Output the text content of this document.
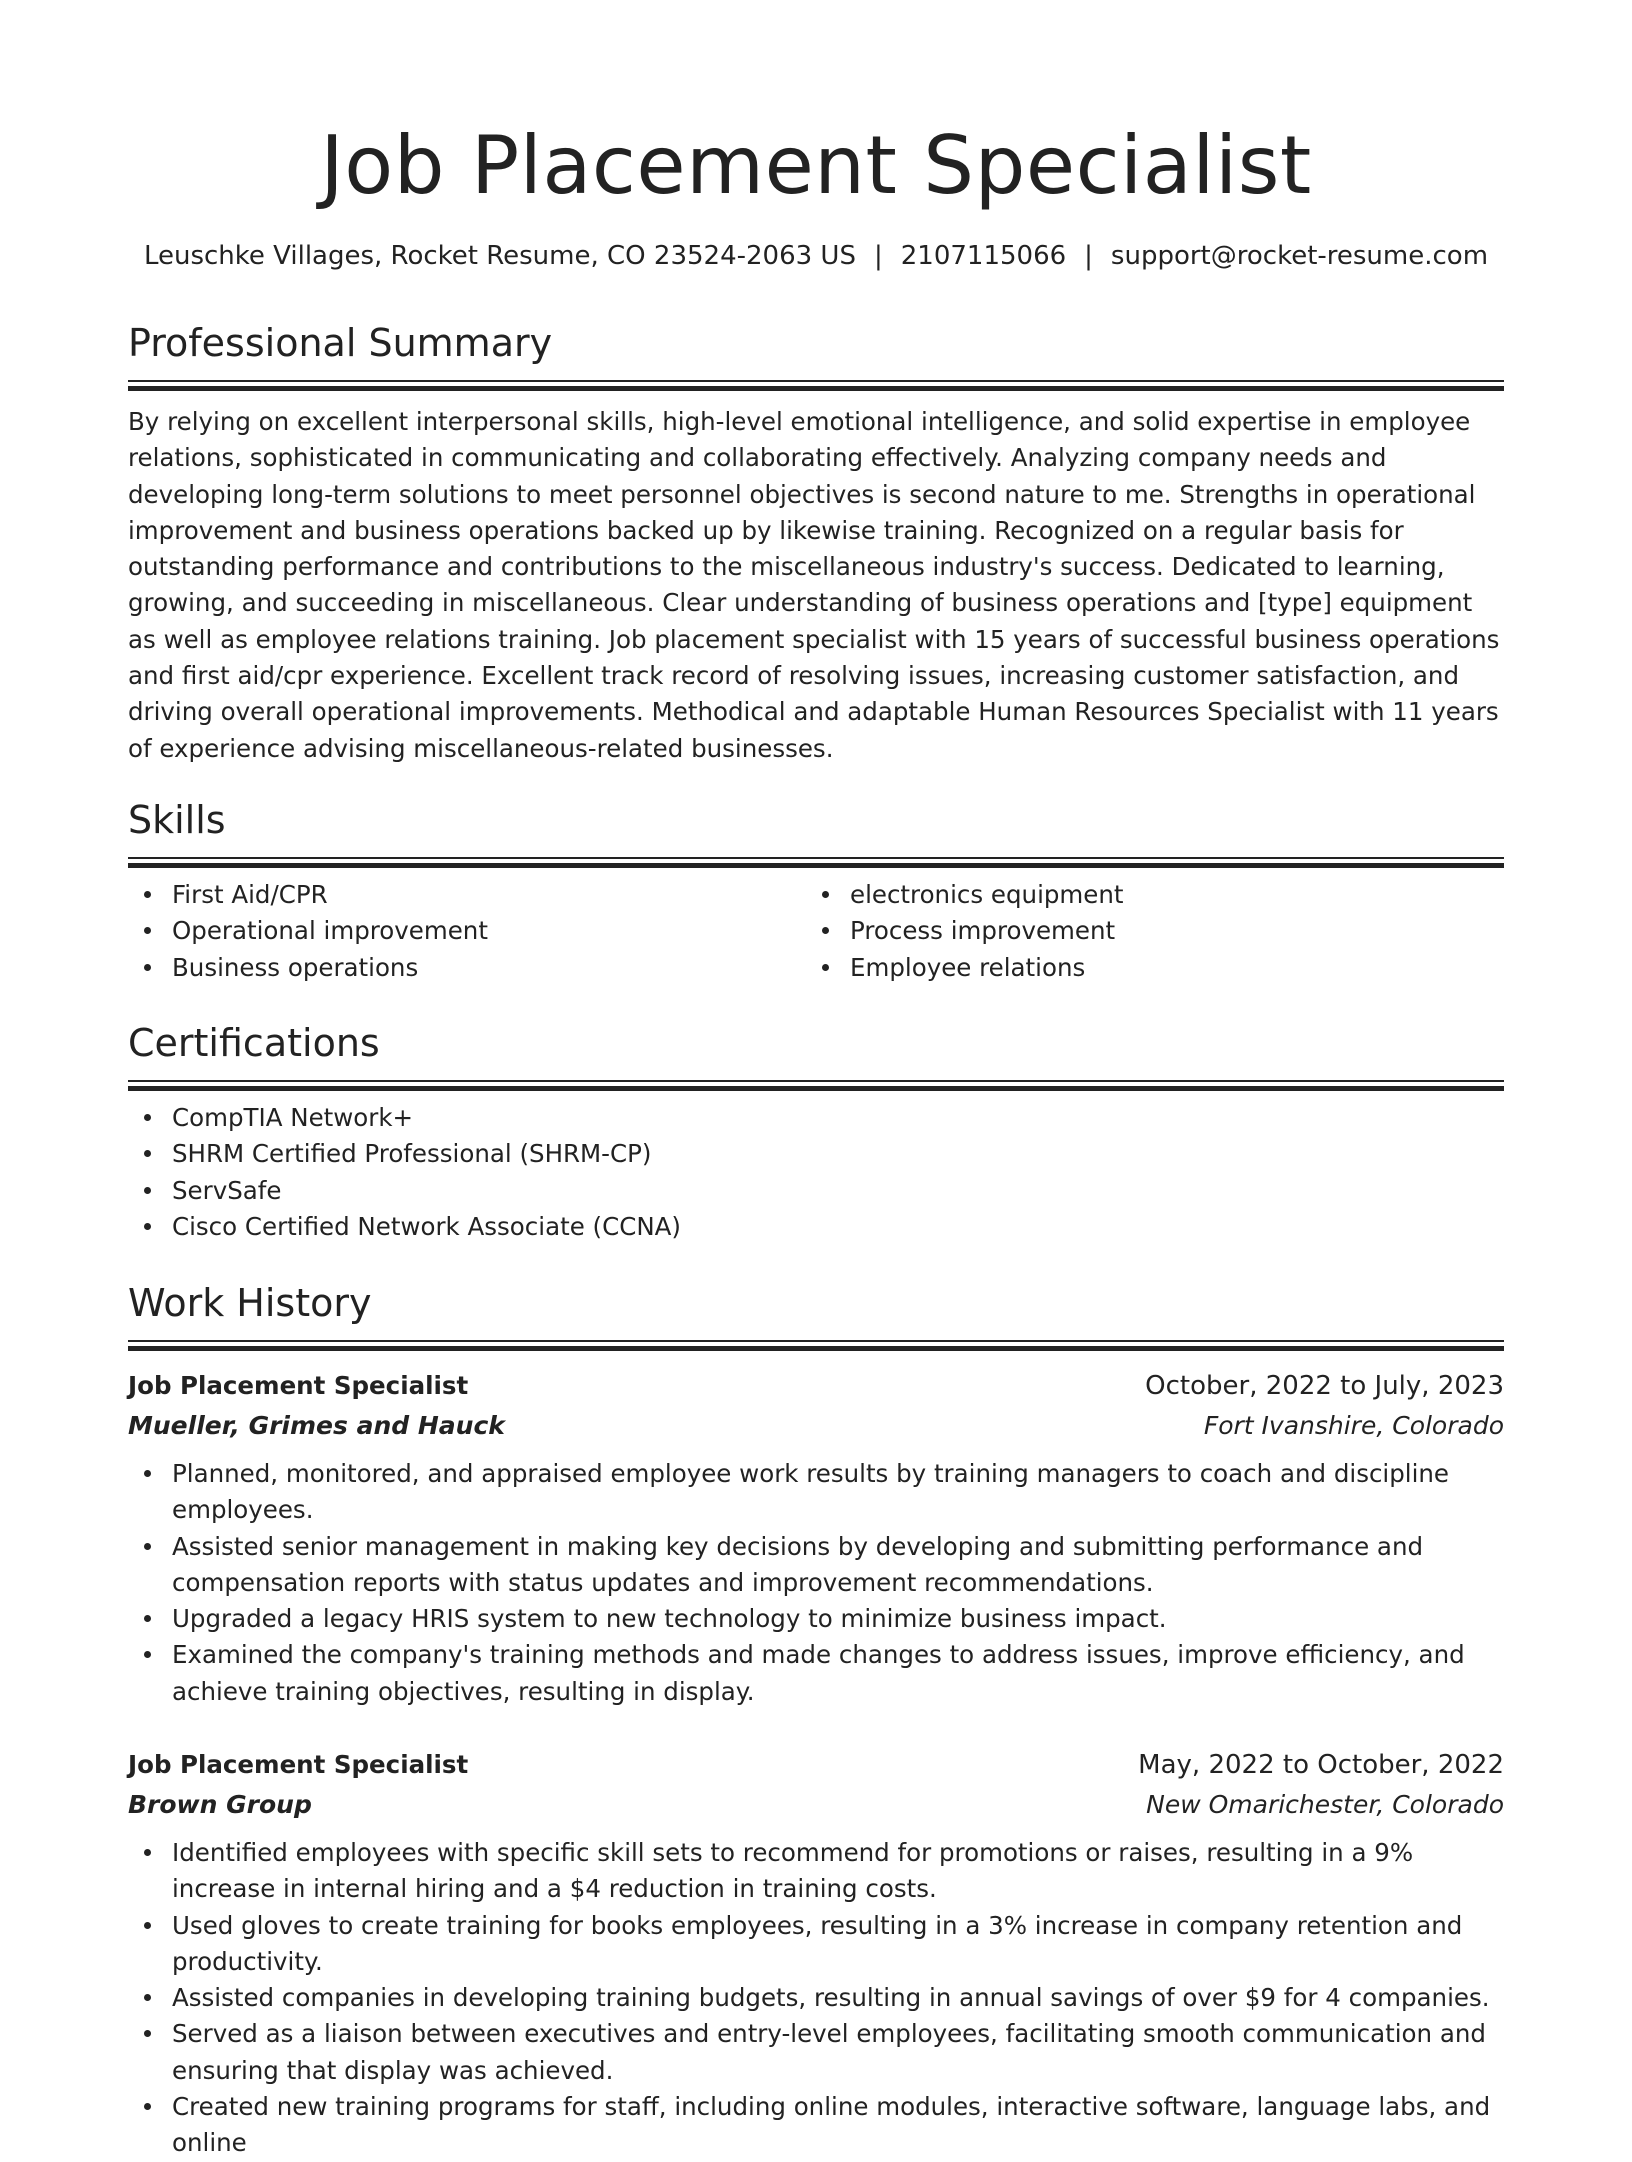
Job Placement Specialist
Leuschke Villages, Rocket Resume, CO 23524-2063 US | 2107115066 | support@rocket-resume.com
Professional Summary
By relying on excellent interpersonal skills, high-level emotional intelligence, and solid expertise in employee relations, sophisticated in communicating and collaborating effectively. Analyzing company needs and developing long-term solutions to meet personnel objectives is second nature to me. Strengths in operational improvement and business operations backed up by likewise training. Recognized on a regular basis for outstanding performance and contributions to the miscellaneous industry's success. Dedicated to learning, growing, and succeeding in miscellaneous. Clear understanding of business operations and [type] equipment as well as employee relations training. Job placement specialist with 15 years of successful business operations and first aid/cpr experience. Excellent track record of resolving issues, increasing customer satisfaction, and driving overall operational improvements. Methodical and adaptable Human Resources Specialist with 11 years of experience advising miscellaneous-related businesses.
Skills
First Aid/CPR
Operational improvement
Business operations
electronics equipment
Process improvement
Employee relations
Certifications
CompTIA Network+
SHRM Certified Professional (SHRM-CP)
ServSafe
Cisco Certified Network Associate (CCNA)
Work History
Job Placement Specialist	October, 2022 to July, 2023
Mueller, Grimes and Hauck	Fort Ivanshire, Colorado
Planned, monitored, and appraised employee work results by training managers to coach and discipline employees.
Assisted senior management in making key decisions by developing and submitting performance and compensation reports with status updates and improvement recommendations.
Upgraded a legacy HRIS system to new technology to minimize business impact.
Examined the company's training methods and made changes to address issues, improve efficiency, and achieve training objectives, resulting in display.
Job Placement Specialist	May, 2022 to October, 2022
Brown Group	New Omarichester, Colorado
Identified employees with specific skill sets to recommend for promotions or raises, resulting in a 9% increase in internal hiring and a $4 reduction in training costs.
Used gloves to create training for books employees, resulting in a 3% increase in company retention and productivity.
Assisted companies in developing training budgets, resulting in annual savings of over $9 for 4 companies.
Served as a liaison between executives and entry-level employees, facilitating smooth communication and ensuring that display was achieved.
Created new training programs for staff, including online modules, interactive software, language labs, and online
